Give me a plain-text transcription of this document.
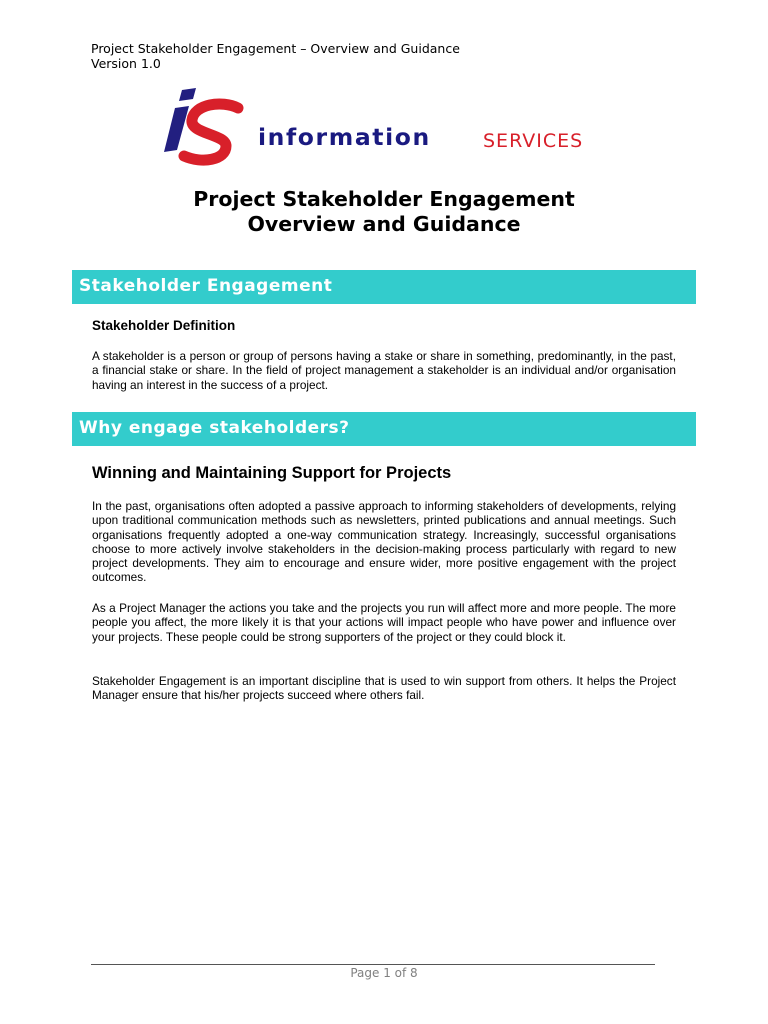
Project Stakeholder Engagement – Overview and Guidance
Version 1.0
information	SERVICES
Project Stakeholder Engagement
Overview and Guidance
Stakeholder Engagement
Stakeholder Definition

A stakeholder is a person or group of persons having a stake or share in something, predominantly, in the past, a financial stake or share. In the field of project management a stakeholder is an individual and/or organisation having an interest in the success of a project.

Why engage stakeholders?
Winning and Maintaining Support for Projects

In the past, organisations often adopted a passive approach to informing stakeholders of developments, relying upon traditional communication methods such as newsletters, printed publications and annual meetings. Such organisations frequently adopted a one-way communication strategy. Increasingly, successful organisations choose to more actively involve stakeholders in the decision-making process particularly with regard to new project developments. They aim to encourage and ensure wider, more positive engagement with the project outcomes.

As a Project Manager the actions you take and the projects you run will affect more and more people. The more people you affect, the more likely it is that your actions will impact people who have power and influence over your projects. These people could be strong supporters of the project or they could block it.

Stakeholder Engagement is an important discipline that is used to win support from others. It helps the Project Manager ensure that his/her projects succeed where others fail.

Page 1 of 8
